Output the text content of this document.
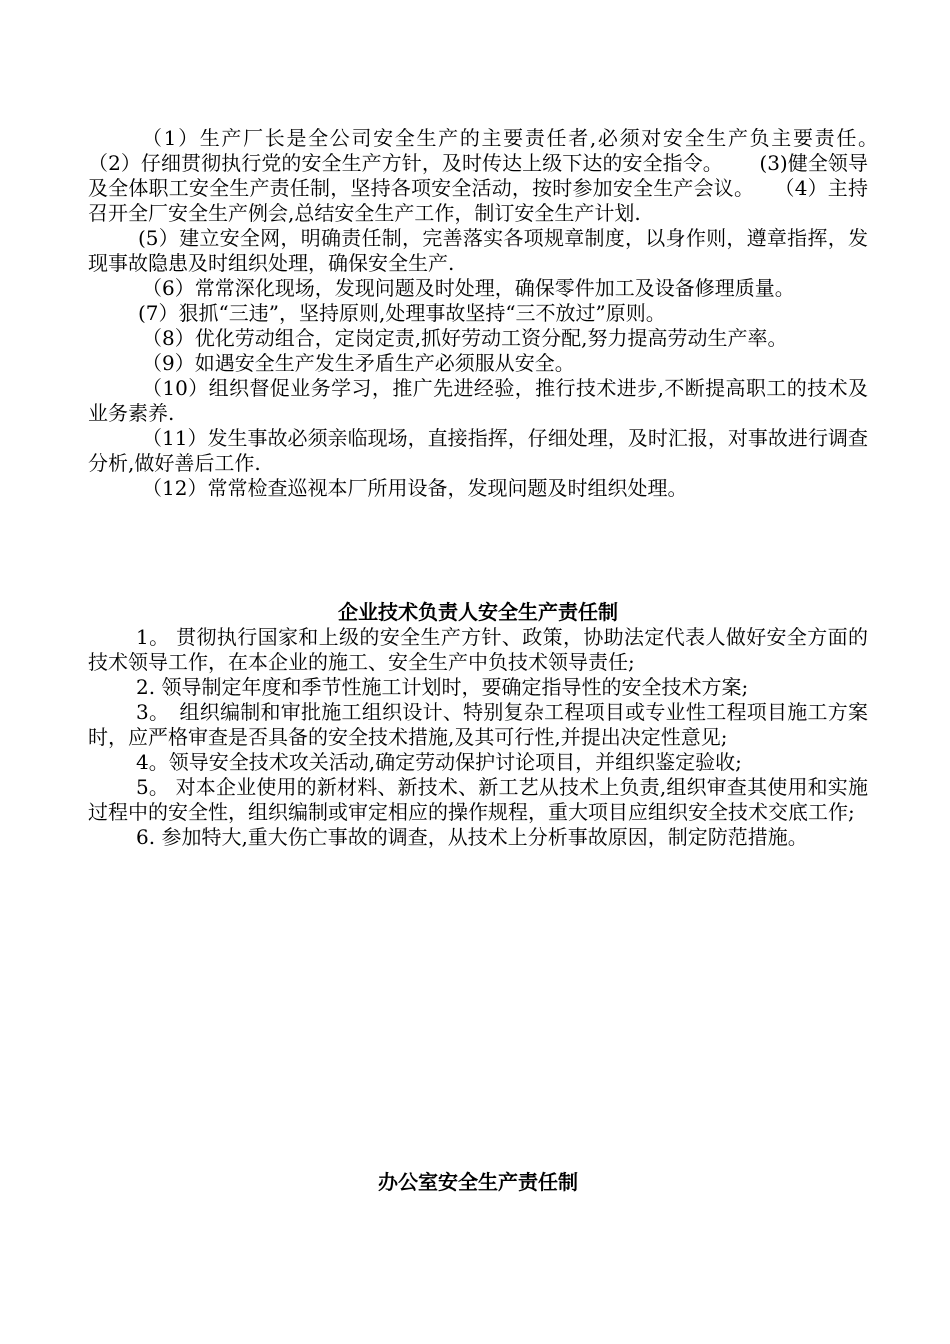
（1）生产厂长是全公司安全生产的主要责任者,必须对安全生产负主要责任。　　（2）仔细贯彻执行党的安全生产方针，及时传达上级下达的安全指令。　　 (3)健全领导及全体职工安全生产责任制，坚持各项安全活动，按时参加安全生产会议。　　（4）主持召开全厂安全生产例会,总结安全生产工作，制订安全生产计划.

(5）建立安全网，明确责任制，完善落实各项规章制度，以身作则，遵章指挥，发现事故隐患及时组织处理，确保安全生产.

（6）常常深化现场，发现问题及时处理，确保零件加工及设备修理质量。

(7）狠抓“三违”，坚持原则,处理事故坚持“三不放过”原则。

（8）优化劳动组合，定岗定责,抓好劳动工资分配,努力提高劳动生产率。

（9）如遇安全生产发生矛盾生产必须服从安全。

（10）组织督促业务学习，推广先进经验，推行技术进步,不断提高职工的技术及业务素养.

（11）发生事故必须亲临现场，直接指挥，仔细处理，及时汇报，对事故进行调查分析,做好善后工作.

（12）常常检查巡视本厂所用设备，发现问题及时组织处理。

企业技术负责人安全生产责任制

1。 贯彻执行国家和上级的安全生产方针、政策，协助法定代表人做好安全方面的技术领导工作，在本企业的施工、安全生产中负技术领导责任;

2. 领导制定年度和季节性施工计划时，要确定指导性的安全技术方案;

3。　组织编制和审批施工组织设计、特别复杂工程项目或专业性工程项目施工方案时，应严格审查是否具备的安全技术措施,及其可行性,并提出决定性意见;

4。领导安全技术攻关活动,确定劳动保护讨论项目，并组织鉴定验收;

5。 对本企业使用的新材料、新技术、新工艺从技术上负责,组织审查其使用和实施过程中的安全性，组织编制或审定相应的操作规程，重大项目应组织安全技术交底工作;

6. 参加特大,重大伤亡事故的调查，从技术上分析事故原因，制定防范措施。

办公室安全生产责任制
